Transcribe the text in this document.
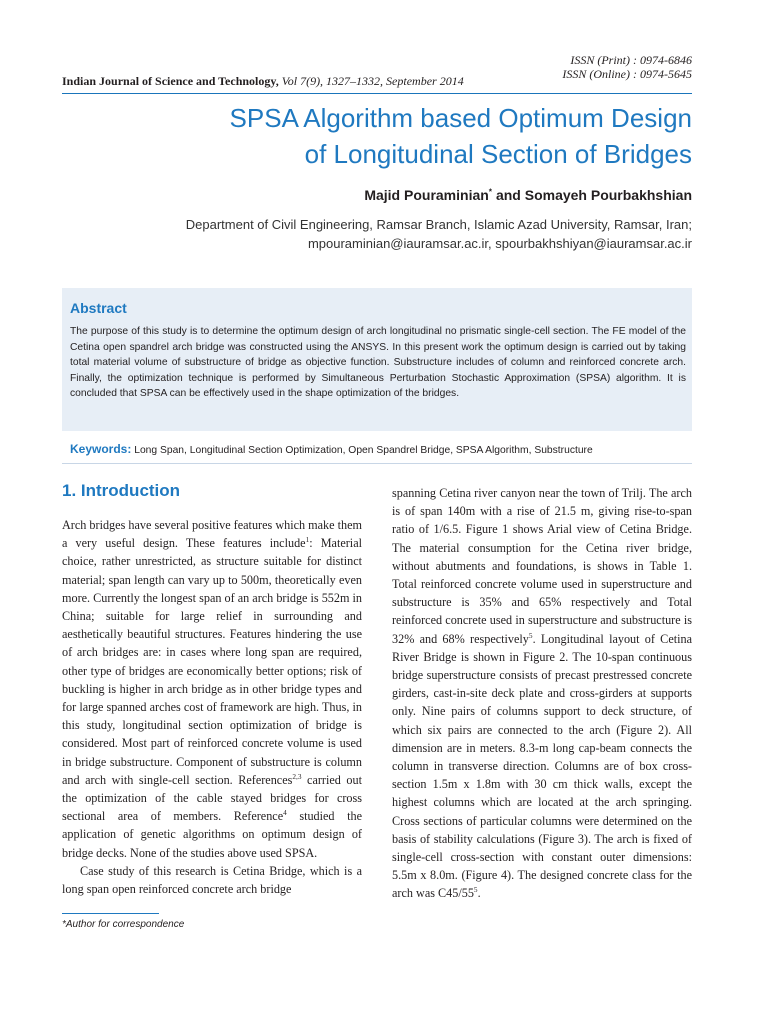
Indian Journal of Science and Technology, Vol 7(9), 1327–1332, September 2014
ISSN (Print) : 0974-6846
ISSN (Online) : 0974-5645
SPSA Algorithm based Optimum Design
of Longitudinal Section of Bridges
Majid Pouraminian* and Somayeh Pourbakhshian
Department of Civil Engineering, Ramsar Branch, Islamic Azad University, Ramsar, Iran;
mpouraminian@iauramsar.ac.ir, spourbakhshiyan@iauramsar.ac.ir
Abstract
The purpose of this study is to determine the optimum design of arch longitudinal no prismatic single-cell section. The FE model of the Cetina open spandrel arch bridge was constructed using the ANSYS. In this present work the optimum design is carried out by taking total material volume of substructure of bridge as objective function. Substructure includes of column and reinforced concrete arch. Finally, the optimization technique is performed by Simultaneous Perturbation Stochastic Approximation (SPSA) algorithm. It is concluded that SPSA can be effectively used in the shape optimization of the bridges.
Keywords: Long Span, Longitudinal Section Optimization, Open Spandrel Bridge, SPSA Algorithm, Substructure
1. Introduction

Arch bridges have several positive features which make them a very useful design. These features include$^1$: Material choice, rather unrestricted, as structure suitable for distinct material; span length can vary up to 500m, theoretically even more. Currently the longest span of an arch bridge is 552m in China; suitable for large relief in surrounding and aesthetically beautiful structures. Features hindering the use of arch bridges are: in cases where long span are required, other type of bridges are economically better options; risk of buckling is higher in arch bridge as in other bridge types and for large spanned arches cost of framework are high. Thus, in this study, longitudinal section optimization of bridge is considered. Most part of reinforced concrete volume is used in bridge substructure. Component of substructure is column and arch with single-cell section. References$^{2,3}$ carried out the optimization of the cable stayed bridges for cross sectional area of members. Reference$^4$ studied the application of genetic algorithms on optimum design of bridge decks. None of the studies above used SPSA.

Case study of this research is Cetina Bridge, which is a long span open reinforced concrete arch bridge

spanning Cetina river canyon near the town of Trilj. The arch is of span 140m with a rise of 21.5 m, giving rise-to-span ratio of 1/6.5. Figure 1 shows Arial view of Cetina Bridge. The material consumption for the Cetina river bridge, without abutments and foundations, is shows in Table 1. Total reinforced concrete volume used in superstructure and substructure is 35% and 65% respectively and Total reinforced concrete used in superstructure and substructure is 32% and 68% respectively$^5$. Longitudinal layout of Cetina River Bridge is shown in Figure 2. The 10-span continuous bridge superstructure consists of precast prestressed concrete girders, cast-in-site deck plate and cross-girders at supports only. Nine pairs of columns support to deck structure, of which six pairs are connected to the arch (Figure 2). All dimension are in meters. 8.3-m long cap-beam connects the column in transverse direction. Columns are of box cross-section 1.5m x 1.8m with 30 cm thick walls, except the highest columns which are located at the arch springing. Cross sections of particular columns were determined on the basis of stability calculations (Figure 3). The arch is fixed of single-cell cross-section with constant outer dimensions: 5.5m x 8.0m. (Figure 4). The designed concrete class for the arch was $C45/55^5$.

*Author for correspondence
